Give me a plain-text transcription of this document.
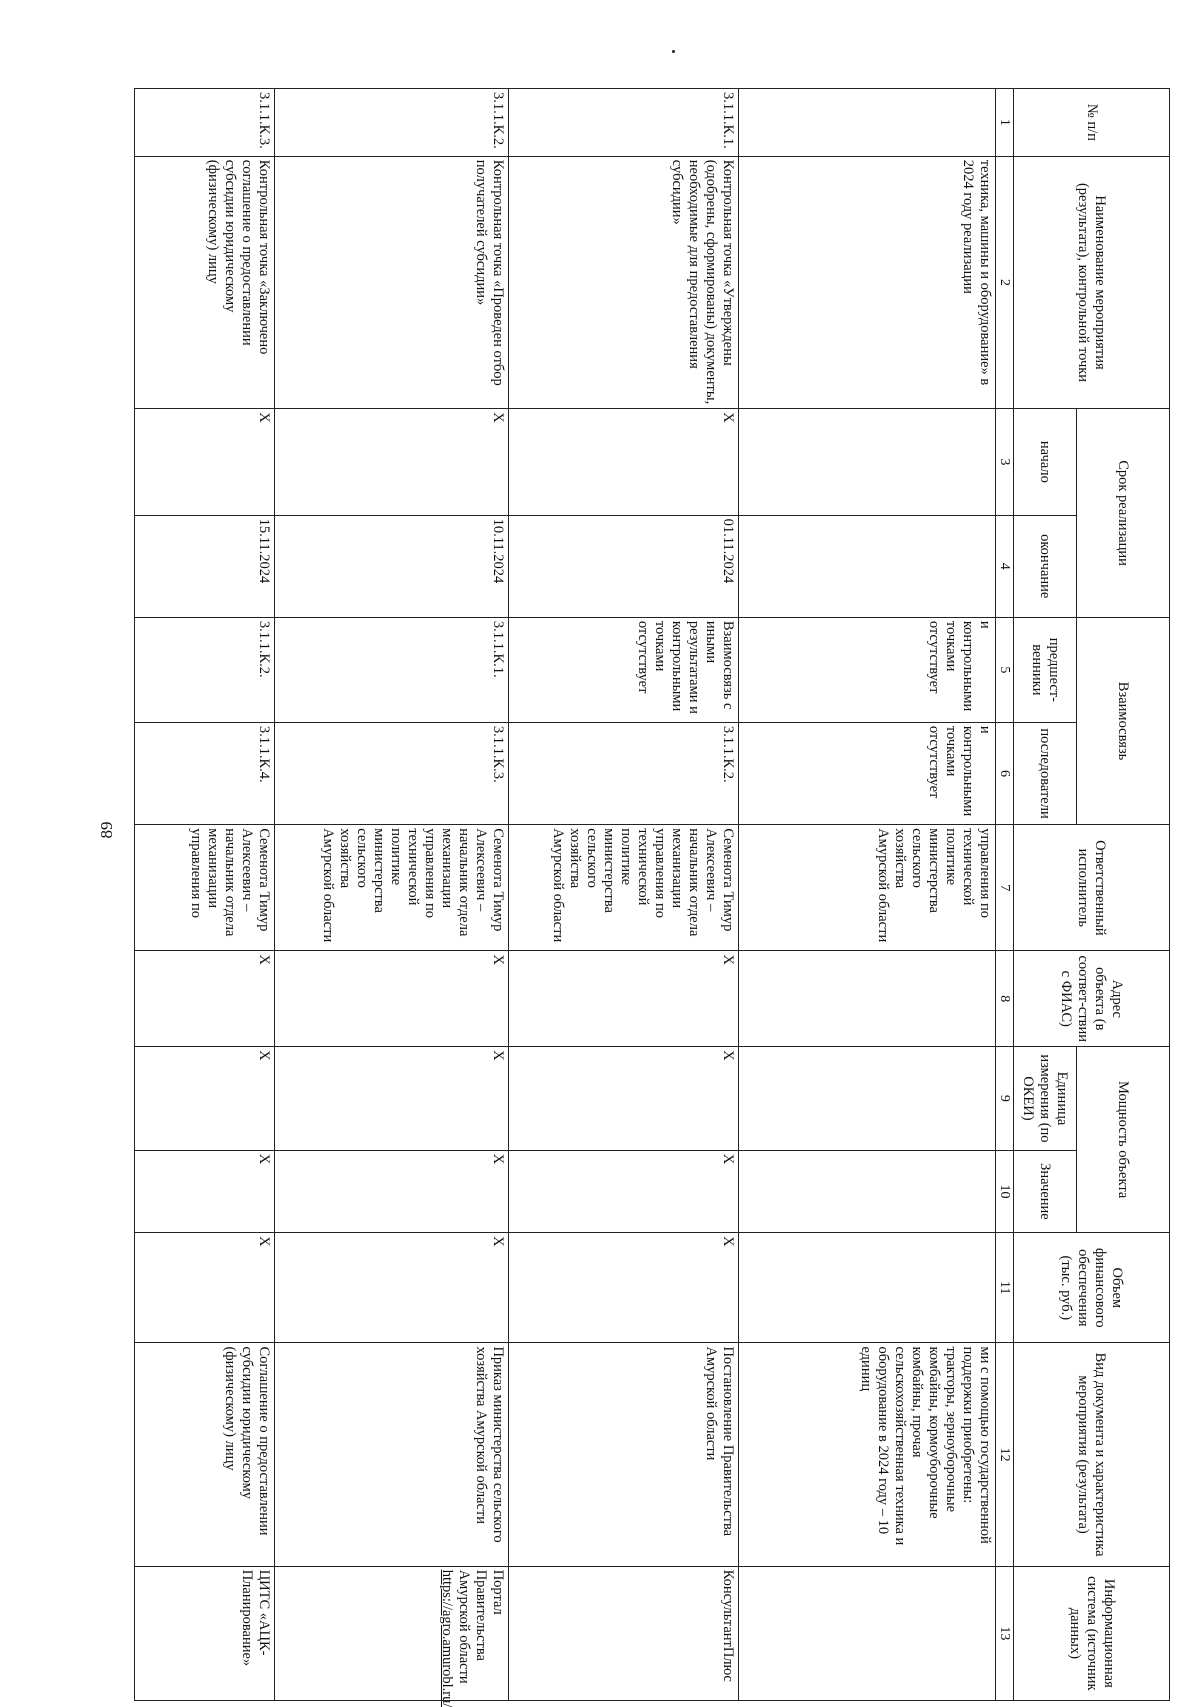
89
№ п/п	Наименование мероприятия (результата), контрольной точки	Срок реализации		Взаимосвязь		Ответственный исполнитель	Адрес объекта (в соответ-ствии с ФИАС)	Мощность объекта		Объем финансового обеспечения (тыс. руб.)	Вид документа и характеристика мероприятия (результата)	Информационная система (источник данных)
		начало	окончание	предшест-венники	последователи			Единица измерения (по ОКЕИ)	Значение			
1	2	3	4	5	6	7	8	9	10	11	12	13
	техника, машины и оборудование» в 2024 году реализации			и контрольными точками отсутствует	и контрольными точками отсутствует	управления по технической политике министерства сельского хозяйства Амурской области					ми с помощью государственной поддержки приобретены: тракторы, зерноуборочные комбайны, кормоуборочные комбайны, прочая сельскохозяйственная техника и оборудование в 2024 году – 10 единиц	
3.1.1.К.1.	Контрольная точка «Утверждены (одобрены, сформированы) документы, необходимые для предоставления субсидии»	X	01.11.2024	Взаимосвязь с иными результатами и контрольными точками отсутствует	3.1.1.К.2.	Семенота Тимур Алексеевич – начальник отдела механизации управления по технической политике министерства сельского хозяйства Амурской области	X	X	X	X	Постановление Правительства Амурской области	КонсультантПлюс
3.1.1.К.2.	Контрольная точка «Проведен отбор получателей субсидии»	X	10.11.2024	3.1.1.К.1.	3.1.1.К.3.	Семенота Тимур Алексеевич – начальник отдела механизации управления по технической политике министерства сельского хозяйства Амурской области	X	X	X	X	Приказ министерства сельского хозяйства Амурской области	Портал Правительства Амурской области https://agro.amurobl.ru/
3.1.1.К.3.	Контрольная точка «Заключено соглашение о предоставлении субсидии юридическому (физическому) лицу	X	15.11.2024	3.1.1.К.2.	3.1.1.К.4.	Семенота Тимур Алексеевич – начальник отдела механизации управления по	X	X	X	X	Соглашение о предоставлении субсидии юридическому (физическому) лицу	ЦИТС «АЦК-Планирование»
